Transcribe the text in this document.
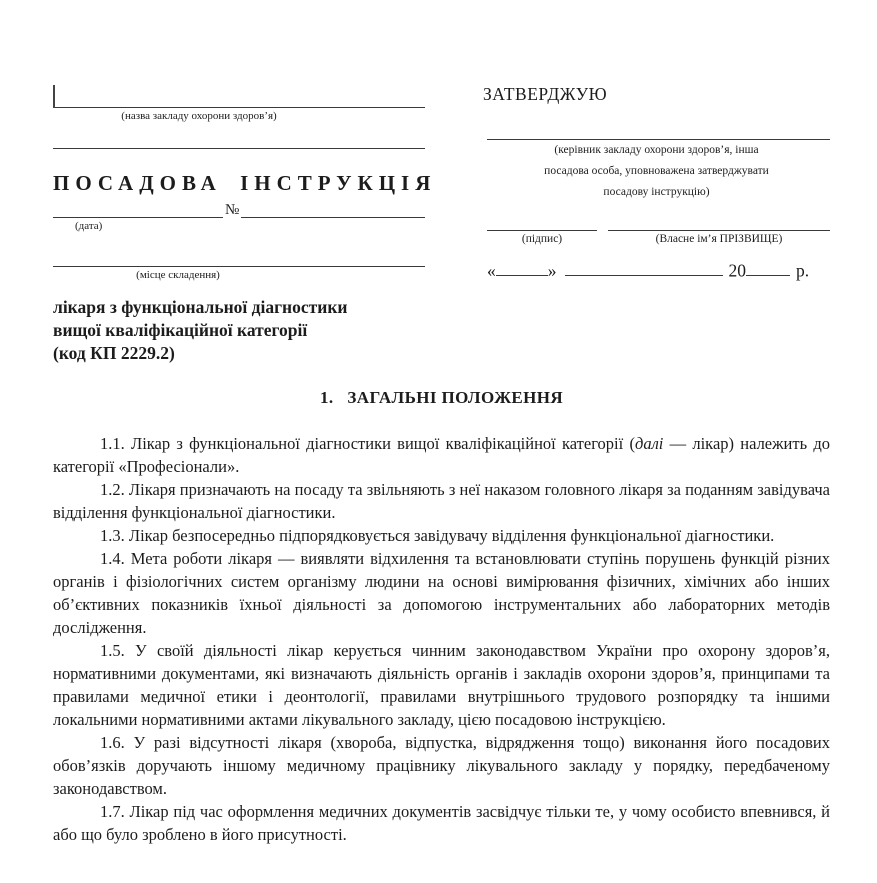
(назва закладу охорони здоров’я)
ПОСАДОВА ІНСТРУКЦІЯ
№
(дата)
(місце складення)
ЗАТВЕРДЖУЮ
(керівник закладу охорони здоров’я, інша
посадова особа, уповноважена затверджувати
посадову інструкцію)
(підпис)	(Власне ім’я ПРІЗВИЩЕ)
«	»	20	р.
лікаря з функціональної діагностики
вищої кваліфікаційної категорії
(код КП 2229.2)
1.   ЗАГАЛЬНІ ПОЛОЖЕННЯ

1.1. Лікар з функціональної діагностики вищої кваліфікаційної категорії (далі — лікар) належить до категорії «Професіонали».

1.2. Лікаря призначають на посаду та звільняють з неї наказом головного лікаря за поданням завідувача відділення функціональної діагностики.

1.3. Лікар безпосередньо підпорядковується завідувачу відділення функціональної діагностики.

1.4. Мета роботи лікаря — виявляти відхилення та встановлювати ступінь порушень функцій різних органів і фізіологічних систем організму людини на основі вимірювання фізичних, хімічних або інших об’єктивних показників їхньої діяльності за допомогою інструментальних або лабораторних методів дослідження.

1.5. У своїй діяльності лікар керується чинним законодавством України про охорону здоров’я, нормативними документами, які визначають діяльність органів і закладів охорони здоров’я, принципами та правилами медичної етики і деонтології, правилами внутрішнього трудового розпорядку та іншими локальними нормативними актами лікувального закладу, цією посадовою інструкцією.

1.6. У разі відсутності лікаря (хвороба, відпустка, відрядження тощо) виконання його посадових обов’язків доручають іншому медичному працівнику лікувального закладу у порядку, передбаченому законодавством.

1.7. Лікар під час оформлення медичних документів засвідчує тільки те, у чому особисто впевнився, й або що було зроблено в його присутності.
